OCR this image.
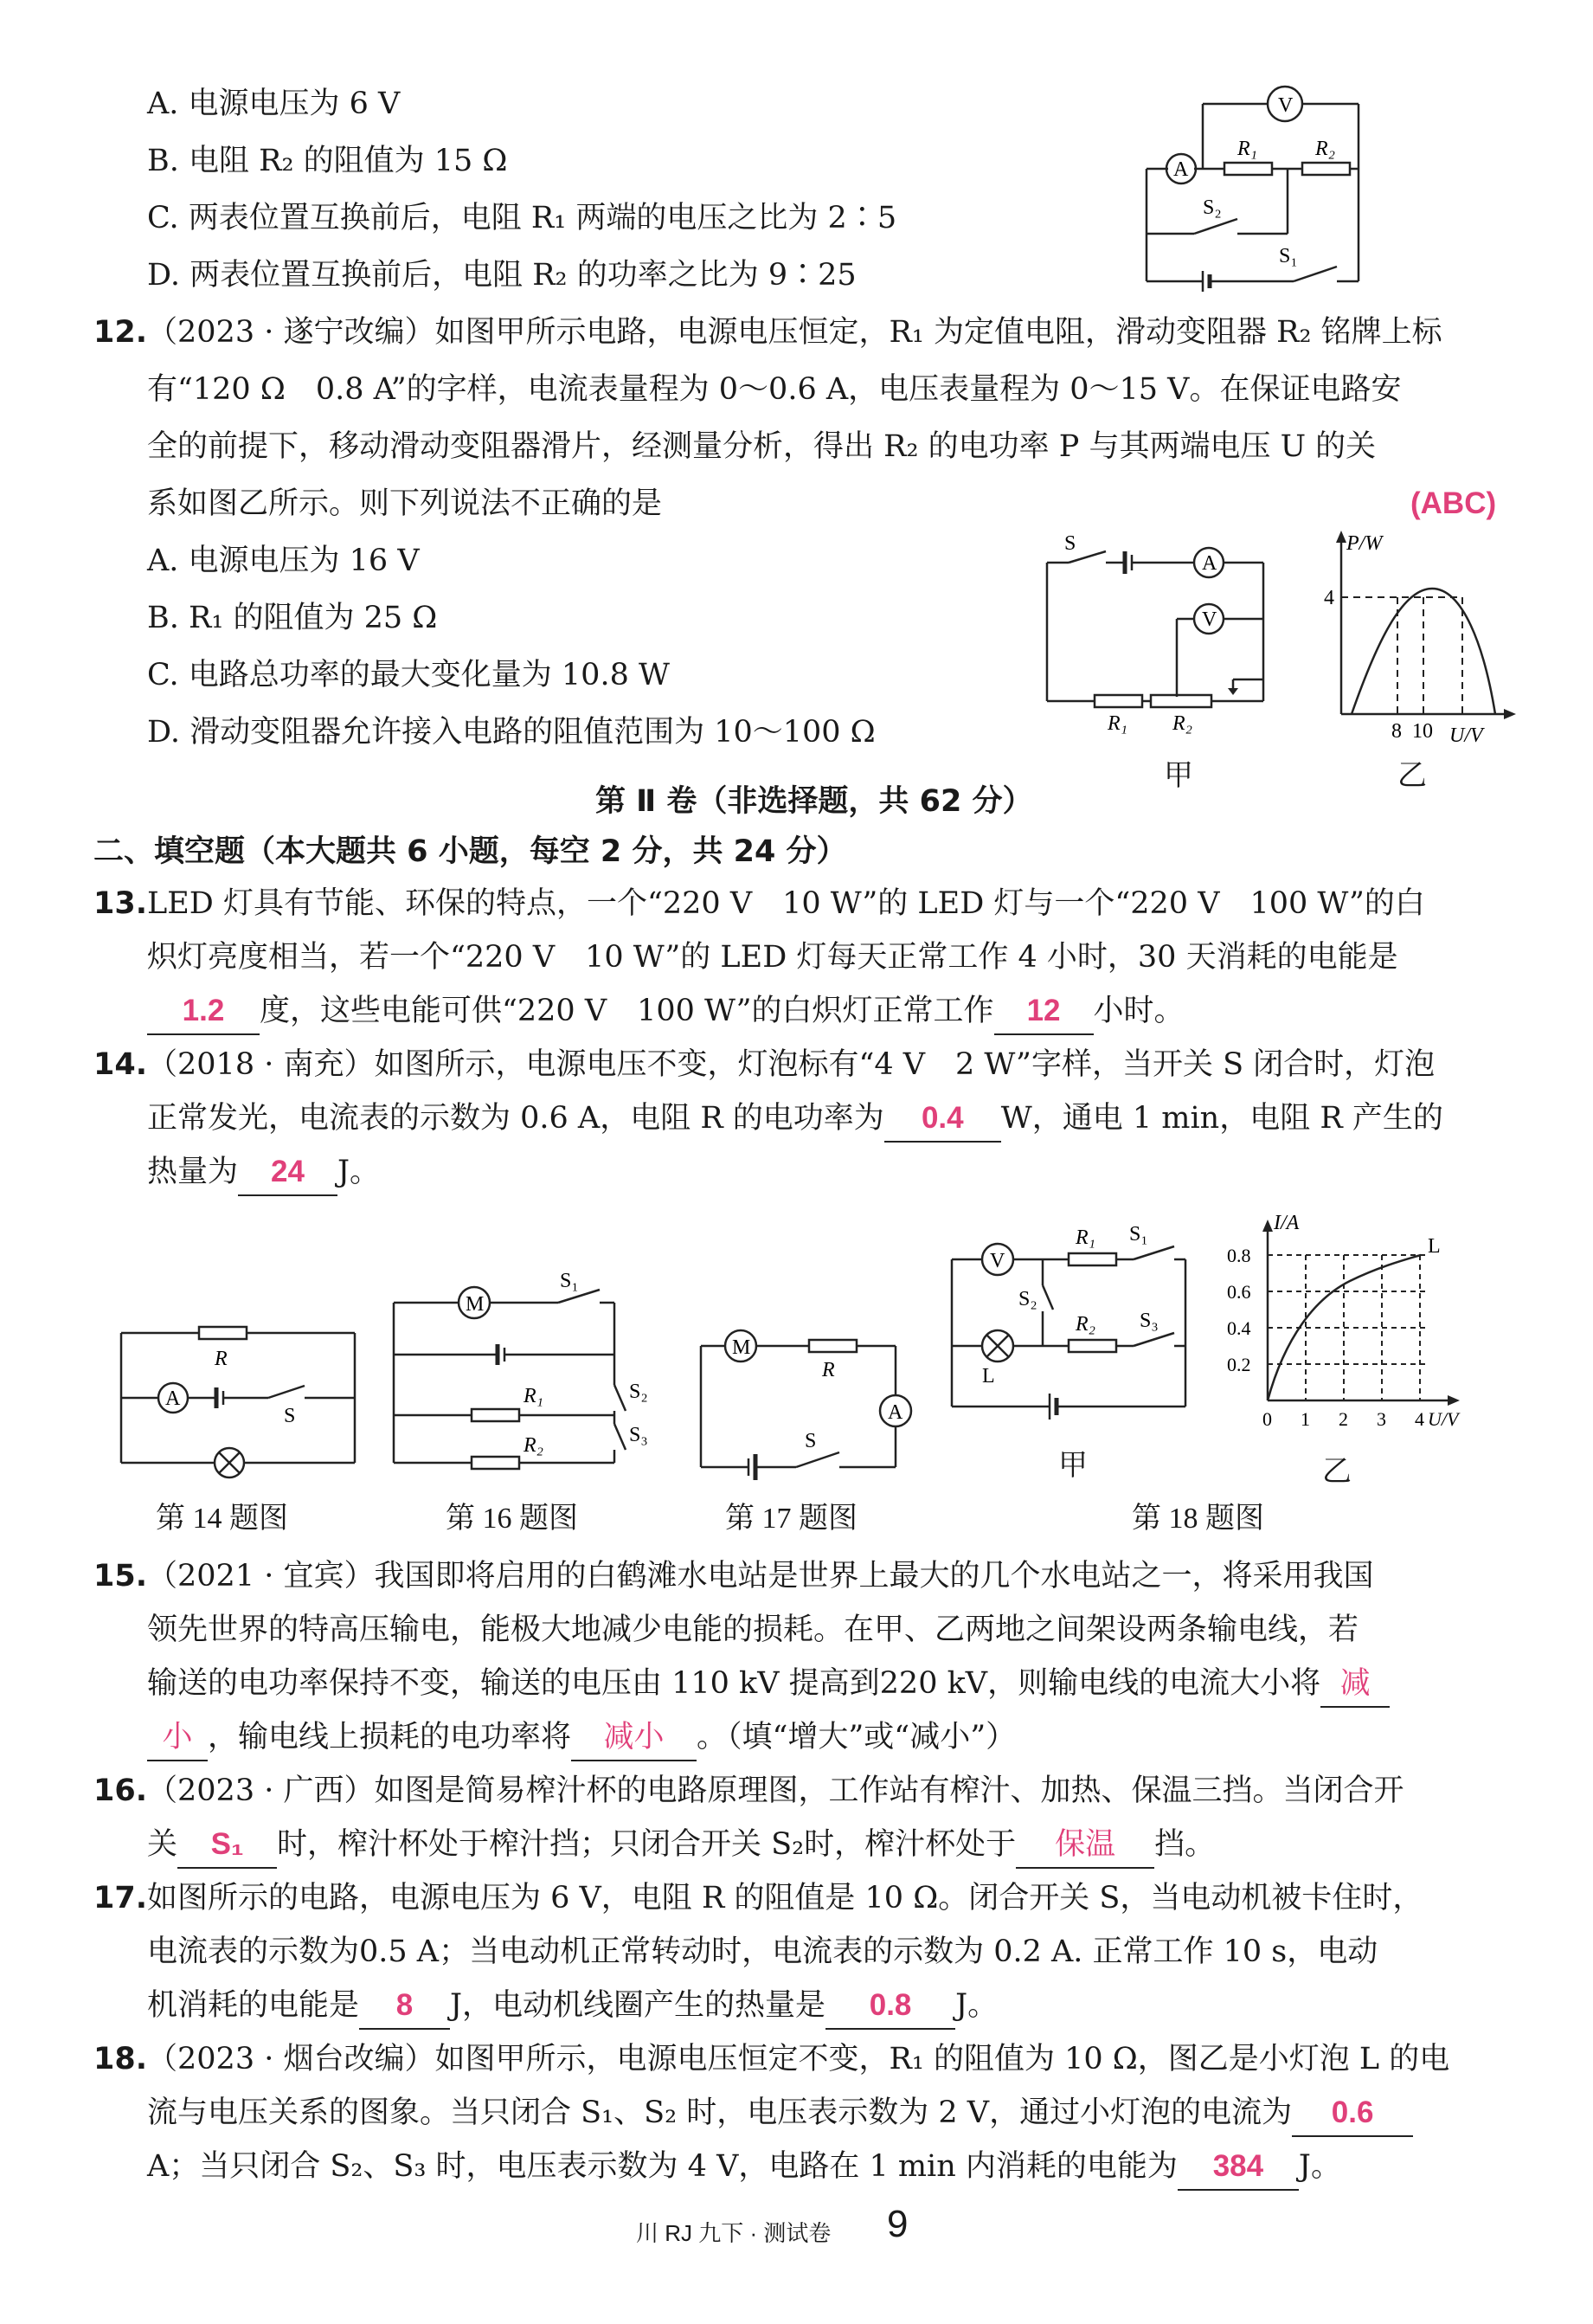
A. 电源电压为 6 V
B. 电阻 R₂ 的阻值为 15 Ω
C. 两表位置互换前后，电阻 R₁ 两端的电压之比为 2∶5
D. 两表位置互换前后，电阻 R₂ 的功率之比为 9∶25
V
A
R₁	R₂
S₂
S₁
12.（2023 · 遂宁改编）如图甲所示电路，电源电压恒定，R₁ 为定值电阻，滑动变阻器 R₂ 铭牌上标
有“120 Ω　0.8 A”的字样，电流表量程为 0～0.6 A，电压表量程为 0～15 V。在保证电路安
全的前提下，移动滑动变阻器滑片，经测量分析，得出 R₂ 的电功率 P 与其两端电压 U 的关
系如图乙所示。则下列说法不正确的是	(ABC)
A. 电源电压为 16 V
B. R₁ 的阻值为 25 Ω
C. 电路总功率的最大变化量为 10.8 W
D. 滑动变阻器允许接入电路的阻值范围为 10～100 Ω
S
A
V
R₁ R₂
甲
P/W
4
8 10 U/V
乙
第 Ⅱ 卷（非选择题，共 62 分）
二、填空题（本大题共 6 小题，每空 2 分，共 24 分）
13.LED 灯具有节能、环保的特点，一个“220 V　10 W”的 LED 灯与一个“220 V　100 W”的白
炽灯亮度相当，若一个“220 V　10 W”的 LED 灯每天正常工作 4 小时，30 天消耗的电能是
1.2 度，这些电能可供“220 V　100 W”的白炽灯正常工作 12 小时。
14.（2018 · 南充）如图所示，电源电压不变，灯泡标有“4 V　2 W”字样，当开关 S 闭合时，灯泡
正常发光，电流表的示数为 0.6 A，电阻 R 的电功率为 0.4 W，通电 1 min，电阻 R 产生的
热量为 24 J。
R
A
S
第 14 题图
M
S₁
S₂
S₃
R₁
R₂
第 16 题图
M
R
A
S
第 17 题图
V
R₁ S₁
S₂
R₂ S₃
L
甲
I/A
0.8
0.6
0.4
0.2
0 1 2 3 4 U/V
L
乙
第 18 题图
15.（2021 · 宜宾）我国即将启用的白鹤滩水电站是世界上最大的几个水电站之一，将采用我国
领先世界的特高压输电，能极大地减少电能的损耗。在甲、乙两地之间架设两条输电线，若
输送的电功率保持不变，输送的电压由 110 kV 提高到220 kV，则输电线的电流大小将 减
小 ，输电线上损耗的电功率将 减小 。（填“增大”或“减小”）
16.（2023 · 广西）如图是简易榨汁杯的电路原理图，工作站有榨汁、加热、保温三挡。当闭合开
关 S₁ 时，榨汁杯处于榨汁挡；只闭合开关 S₂时，榨汁杯处于 保温 挡。
17.如图所示的电路，电源电压为 6 V，电阻 R 的阻值是 10 Ω。闭合开关 S，当电动机被卡住时，
电流表的示数为0.5 A；当电动机正常转动时，电流表的示数为 0.2 A. 正常工作 10 s，电动
机消耗的电能是 8 J，电动机线圈产生的热量是 0.8 J。
18.（2023 · 烟台改编）如图甲所示，电源电压恒定不变，R₁ 的阻值为 10 Ω，图乙是小灯泡 L 的电
流与电压关系的图象。当只闭合 S₁、S₂ 时，电压表示数为 2 V，通过小灯泡的电流为 0.6
A；当只闭合 S₂、S₃ 时，电压表示数为 4 V，电路在 1 min 内消耗的电能为 384 J。
川 RJ 九下 · 测试卷 9
